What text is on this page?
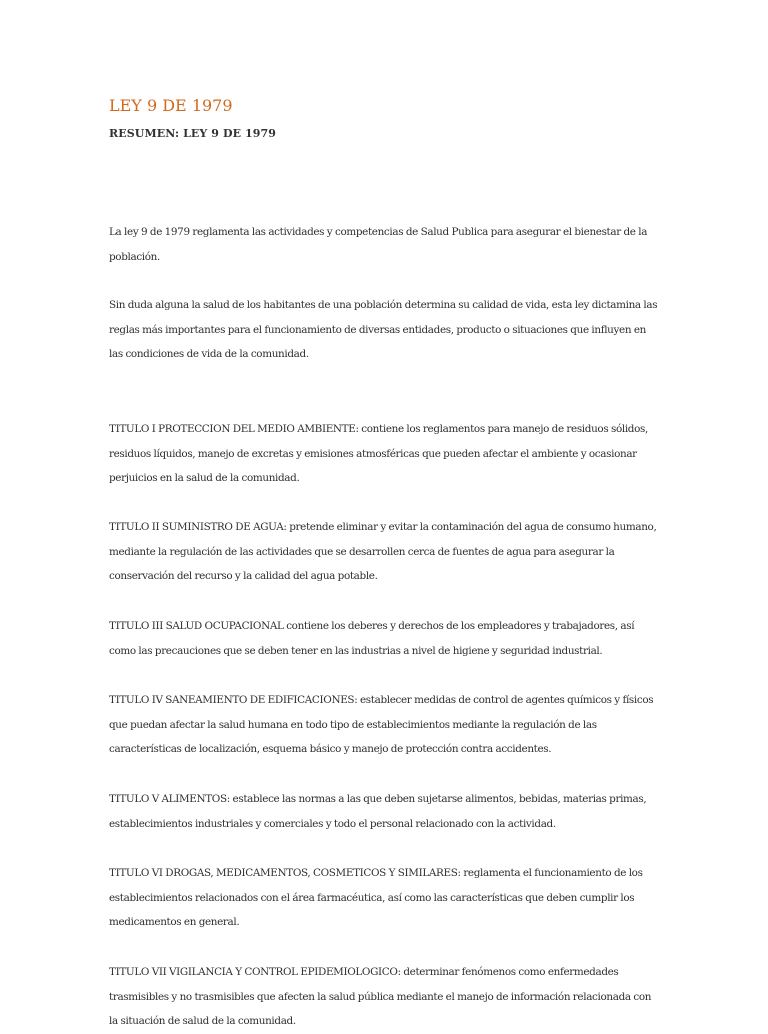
LEY 9 DE 1979

RESUMEN: LEY 9 DE 1979

La ley 9 de 1979 reglamenta las actividades y competencias de Salud Publica para asegurar el bienestar de la población.

Sin duda alguna la salud de los habitantes de una población determina su calidad de vida, esta ley dictamina las reglas más importantes para el funcionamiento de diversas entidades, producto o situaciones que influyen en las condiciones de vida de la comunidad.

TITULO I PROTECCION DEL MEDIO AMBIENTE: contiene los reglamentos para manejo de residuos sólidos, residuos líquidos, manejo de excretas y emisiones atmosféricas que pueden afectar el ambiente y ocasionar perjuicios en la salud de la comunidad.

TITULO II SUMINISTRO DE AGUA: pretende eliminar y evitar la contaminación del agua de consumo humano, mediante la regulación de las actividades que se desarrollen cerca de fuentes de agua para asegurar la conservación del recurso y la calidad del agua potable.

TITULO III SALUD OCUPACIONAL contiene los deberes y derechos de los empleadores y trabajadores, así como las precauciones que se deben tener en las industrias a nivel de higiene y seguridad industrial.

TITULO IV SANEAMIENTO DE EDIFICACIONES: establecer medidas de control de agentes químicos y físicos que puedan afectar la salud humana en todo tipo de establecimientos mediante la regulación de las características de localización, esquema básico y manejo de protección contra accidentes.

TITULO V ALIMENTOS: establece las normas a las que deben sujetarse alimentos, bebidas, materias primas, establecimientos industriales y comerciales y todo el personal relacionado con la actividad.

TITULO VI DROGAS, MEDICAMENTOS, COSMETICOS Y SIMILARES: reglamenta el funcionamiento de los establecimientos relacionados con el área farmacéutica, así como las características que deben cumplir los medicamentos en general.

TITULO VII VIGILANCIA Y CONTROL EPIDEMIOLOGICO: determinar fenómenos como enfermedades trasmisibles y no trasmisibles que afecten la salud pública mediante el manejo de información relacionada con la situación de salud de la comunidad.
